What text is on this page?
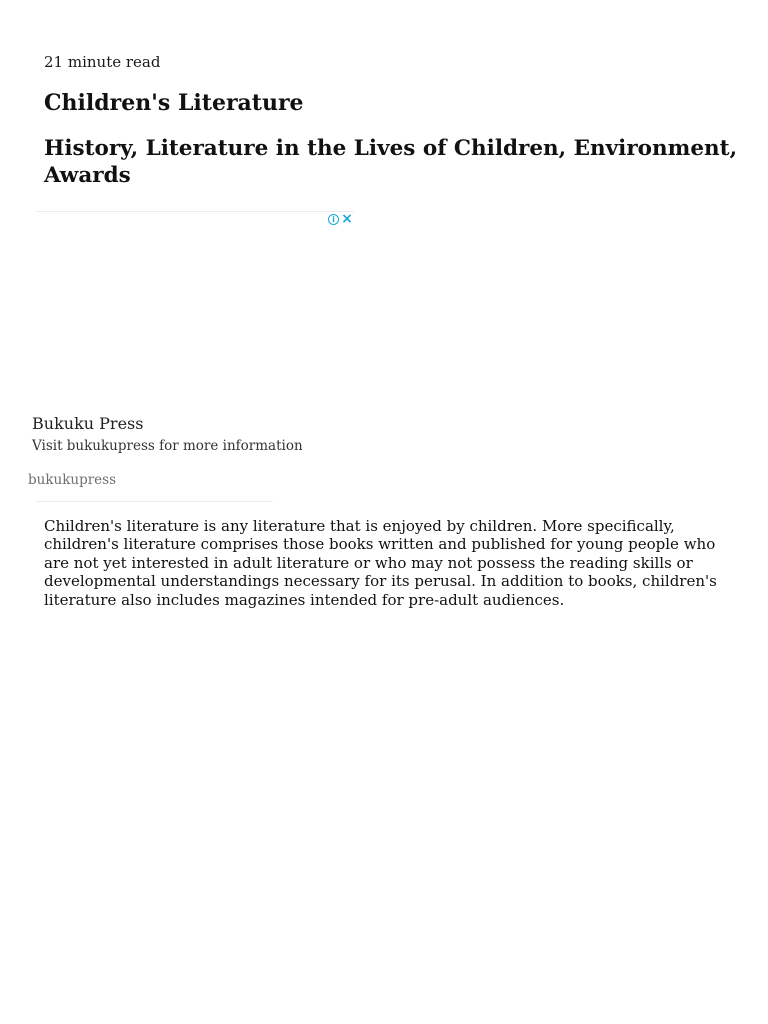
21 minute read
Children's Literature
History, Literature in the Lives of Children, Environment, Awards
i ×
Bukuku Press
Visit bukukupress for more information
bukukupress

Children's literature is any literature that is enjoyed by children. More specifically, children's literature comprises those books written and published for young people who are not yet interested in adult literature or who may not possess the reading skills or developmental understandings necessary for its perusal. In addition to books, children's literature also includes magazines intended for pre-adult audiences.
